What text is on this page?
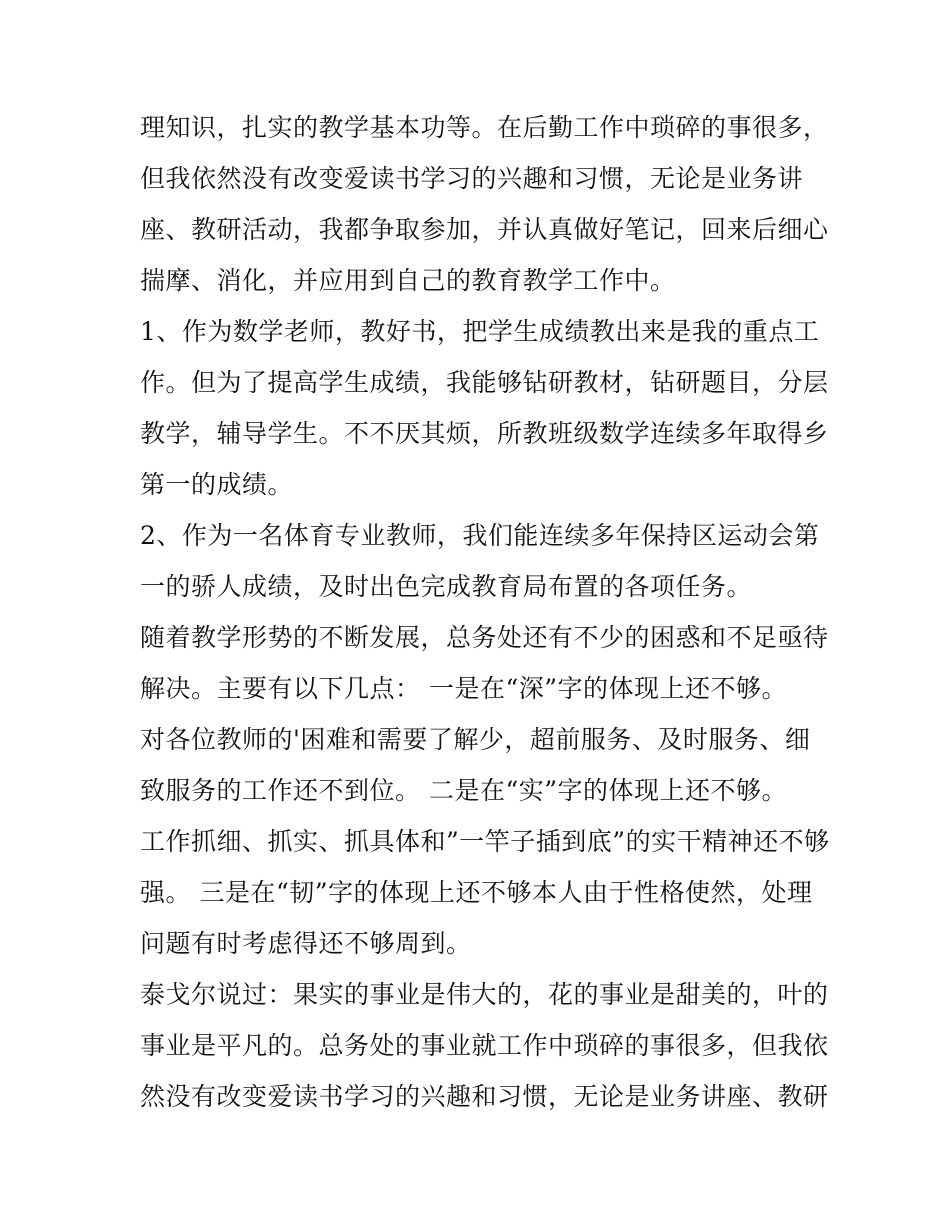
理知识，扎实的教学基本功等。在后勤工作中琐碎的事很多，
但我依然没有改变爱读书学习的兴趣和习惯，无论是业务讲
座、教研活动，我都争取参加，并认真做好笔记，回来后细心
揣摩、消化，并应用到自己的教育教学工作中。
1、作为数学老师，教好书，把学生成绩教出来是我的重点工
作。但为了提高学生成绩，我能够钻研教材，钻研题目，分层
教学，辅导学生。不不厌其烦，所教班级数学连续多年取得乡
第一的成绩。
2、作为一名体育专业教师，我们能连续多年保持区运动会第
一的骄人成绩，及时出色完成教育局布置的各项任务。
随着教学形势的不断发展，总务处还有不少的困惑和不足亟待
解决。主要有以下几点： 一是在“深”字的体现上还不够。
对各位教师的'困难和需要了解少，超前服务、及时服务、细
致服务的工作还不到位。 二是在“实”字的体现上还不够。
工作抓细、抓实、抓具体和”一竿子插到底”的实干精神还不够
强。 三是在“韧”字的体现上还不够本人由于性格使然，处理
问题有时考虑得还不够周到。
泰戈尔说过：果实的事业是伟大的，花的事业是甜美的，叶的
事业是平凡的。总务处的事业就工作中琐碎的事很多，但我依
然没有改变爱读书学习的兴趣和习惯，无论是业务讲座、教研
